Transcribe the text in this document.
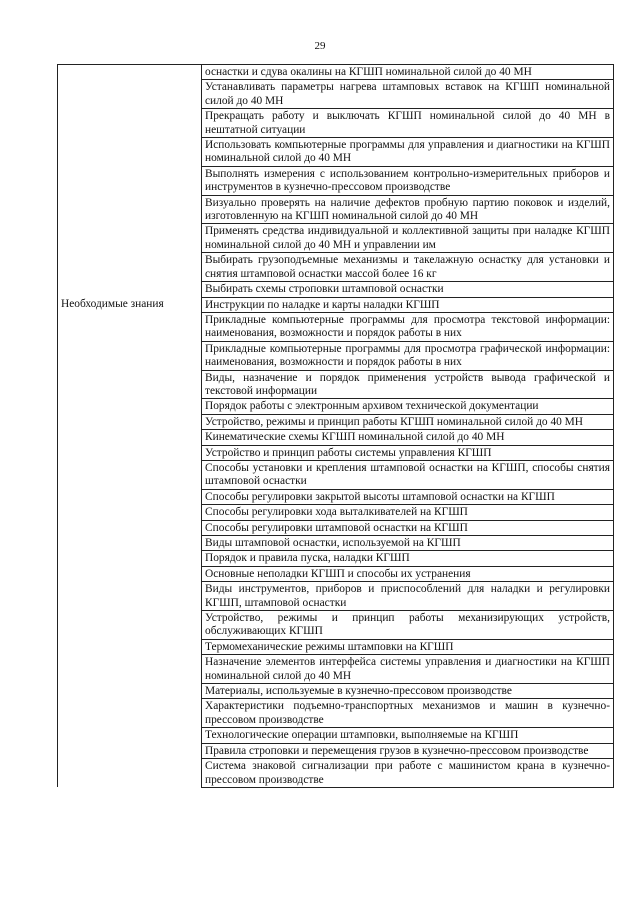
29
	оснастки и сдува окалины на КГШП номинальной силой до 40 МН
	Устанавливать параметры нагрева штамповых вставок на КГШП номинальной силой до 40 МН
	Прекращать работу и выключать КГШП номинальной силой до 40 МН в нештатной ситуации
	Использовать компьютерные программы для управления и диагностики на КГШП номинальной силой до 40 МН
	Выполнять измерения с использованием контрольно-измерительных приборов и инструментов в кузнечно-прессовом производстве
	Визуально проверять на наличие дефектов пробную партию поковок и изделий, изготовленную на КГШП номинальной силой до 40 МН
	Применять средства индивидуальной и коллективной защиты при наладке КГШП номинальной силой до 40 МН и управлении им
	Выбирать грузоподъемные механизмы и такелажную оснастку для установки и снятия штамповой оснастки массой более 16 кг
	Выбирать схемы строповки штамповой оснастки
Необходимые знания	Инструкции по наладке и карты наладки КГШП
	Прикладные компьютерные программы для просмотра текстовой информации: наименования, возможности и порядок работы в них
	Прикладные компьютерные программы для просмотра графической информации: наименования, возможности и порядок работы в них
	Виды, назначение и порядок применения устройств вывода графической и текстовой информации
	Порядок работы с электронным архивом технической документации
	Устройство, режимы и принцип работы КГШП номинальной силой до 40 МН
	Кинематические схемы КГШП номинальной силой до 40 МН
	Устройство и принцип работы системы управления КГШП
	Способы установки и крепления штамповой оснастки на КГШП, способы снятия штамповой оснастки
	Способы регулировки закрытой высоты штамповой оснастки на КГШП
	Способы регулировки хода выталкивателей на КГШП
	Способы регулировки штамповой оснастки на КГШП
	Виды штамповой оснастки, используемой на КГШП
	Порядок и правила пуска, наладки КГШП
	Основные неполадки КГШП и способы их устранения
	Виды инструментов, приборов и приспособлений для наладки и регулировки КГШП, штамповой оснастки
	Устройство, режимы и принцип работы механизирующих устройств, обслуживающих КГШП
	Термомеханические режимы штамповки на КГШП
	Назначение элементов интерфейса системы управления и диагностики на КГШП номинальной силой до 40 МН
	Материалы, используемые в кузнечно-прессовом производстве
	Характеристики подъемно-транспортных механизмов и машин в кузнечно-прессовом производстве
	Технологические операции штамповки, выполняемые на КГШП
	Правила строповки и перемещения грузов в кузнечно-прессовом производстве
	Система знаковой сигнализации при работе с машинистом крана в кузнечно-прессовом производстве
